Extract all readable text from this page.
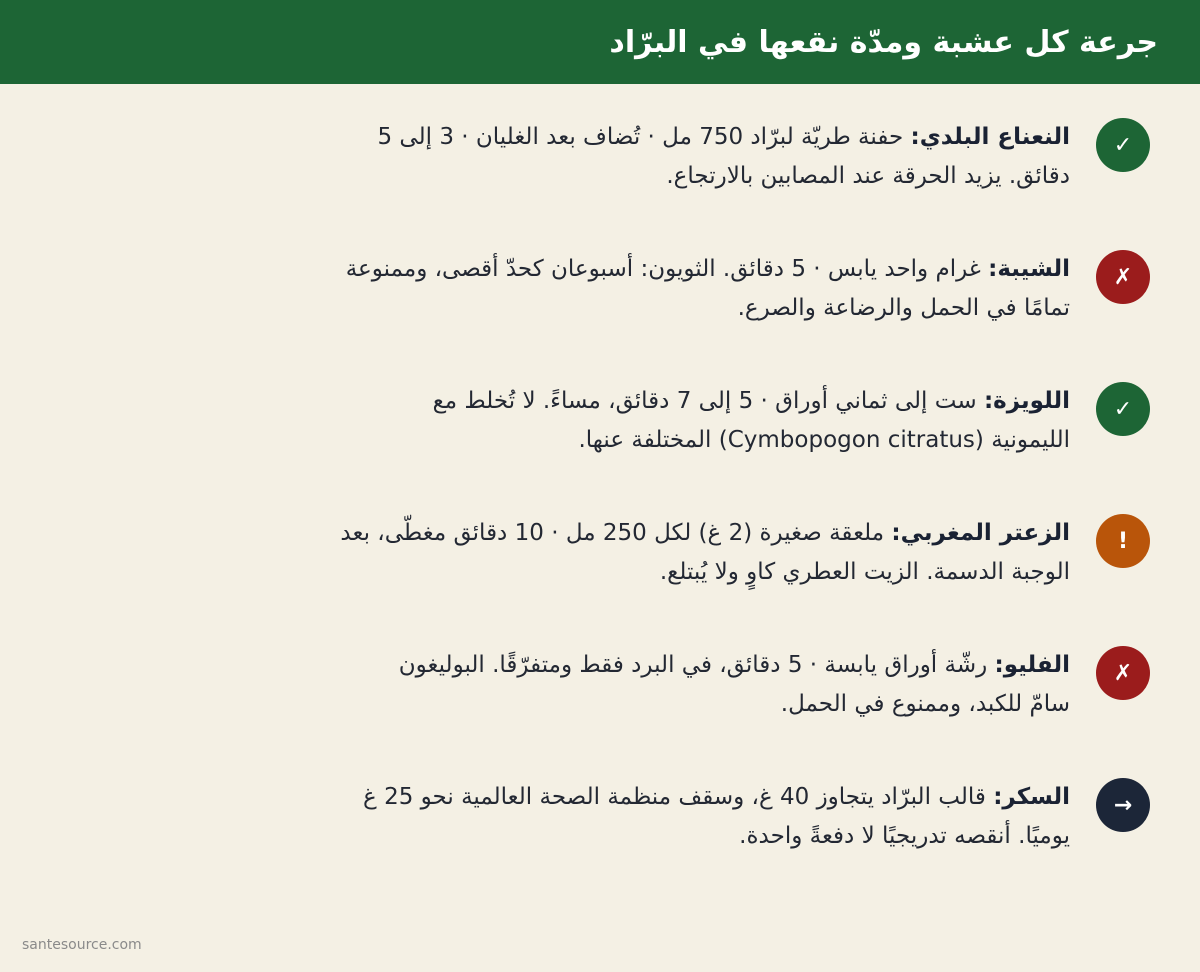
جرعة كل عشبة ومدّة نقعها في البرّاد
✓
النعناع البلدي: حفنة طريّة لبرّاد 750 مل · تُضاف بعد الغليان · 3 إلى 5
دقائق. يزيد الحرقة عند المصابين بالارتجاع.
✗
الشيبة: غرام واحد يابس · 5 دقائق. الثويون: أسبوعان كحدّ أقصى، وممنوعة
تمامًا في الحمل والرضاعة والصرع.
✓
اللويزة: ست إلى ثماني أوراق · 5 إلى 7 دقائق، مساءً. لا تُخلط مع
الليمونية (Cymbopogon citratus) المختلفة عنها.
!
الزعتر المغربي: ملعقة صغيرة (2 غ) لكل 250 مل · 10 دقائق مغطّى، بعد
الوجبة الدسمة. الزيت العطري كاوٍ ولا يُبتلع.
✗
الفليو: رشّة أوراق يابسة · 5 دقائق، في البرد فقط ومتفرّقًا. البوليغون
سامّ للكبد، وممنوع في الحمل.
→
السكر: قالب البرّاد يتجاوز 40 غ، وسقف منظمة الصحة العالمية نحو 25 غ
يوميًا. أنقصه تدريجيًا لا دفعةً واحدة.
santesource.com
